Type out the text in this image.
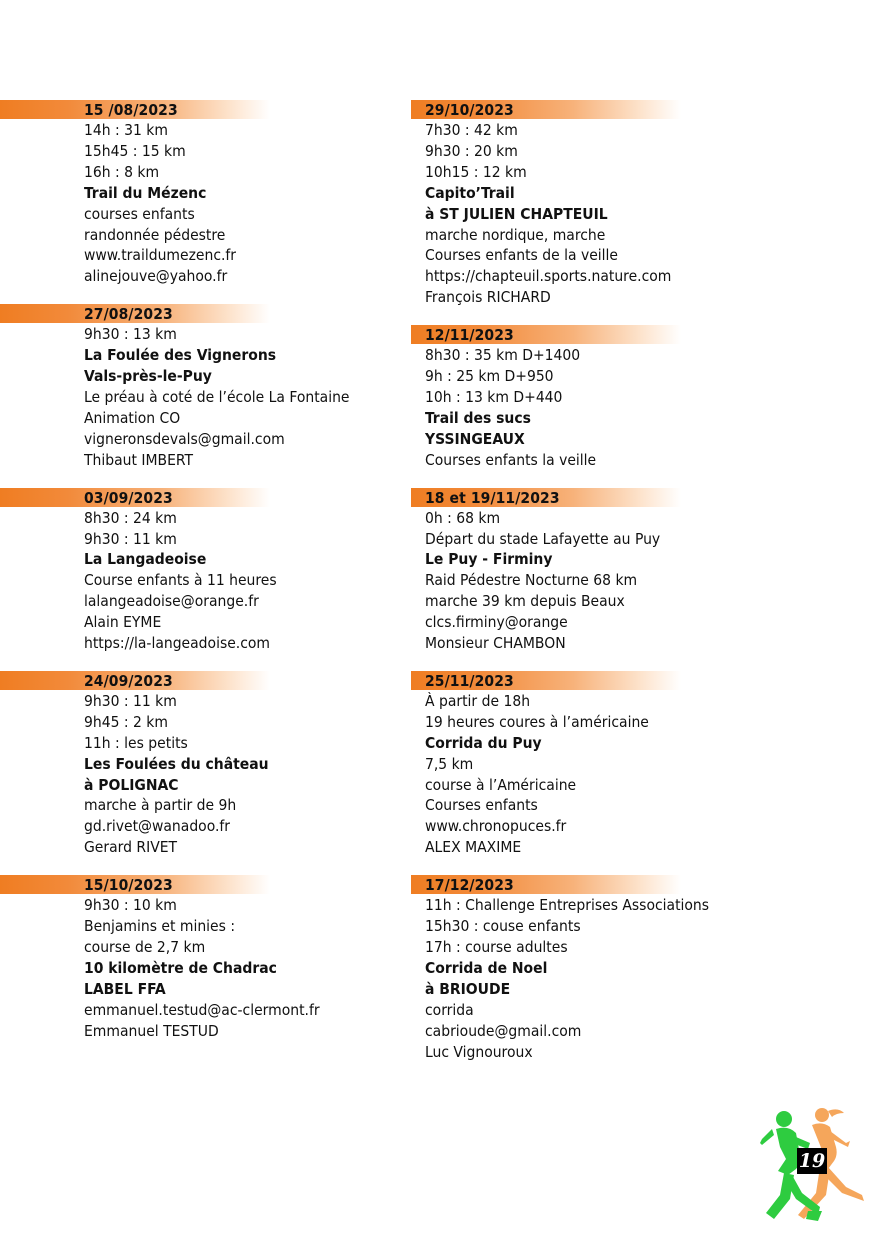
15 /08/2023
14h : 31 km
15h45 : 15 km
16h : 8 km
Trail du Mézenc
courses enfants
randonnée pédestre
www.traildumezenc.fr
alinejouve@yahoo.fr
27/08/2023
9h30 : 13 km
La Foulée des Vignerons
Vals-près-le-Puy
Le préau à coté de l’école La Fontaine
Animation CO
vigneronsdevals@gmail.com
Thibaut IMBERT
03/09/2023
8h30 : 24 km
9h30 : 11 km
La Langadeoise
Course enfants à 11 heures
lalangeadoise@orange.fr
Alain EYME
https://la-langeadoise.com
24/09/2023
9h30 : 11 km
9h45 : 2 km
11h : les petits
Les Foulées du château
à POLIGNAC
marche à partir de 9h
gd.rivet@wanadoo.fr
Gerard RIVET
15/10/2023
9h30 : 10 km
Benjamins et minies :
course de 2,7 km
10 kilomètre de Chadrac
LABEL FFA
emmanuel.testud@ac-clermont.fr
Emmanuel TESTUD
29/10/2023
7h30 : 42 km
9h30 : 20 km
10h15 : 12 km
Capito’Trail
à ST JULIEN CHAPTEUIL
marche nordique, marche
Courses enfants de la veille
https://chapteuil.sports.nature.com
François RICHARD
12/11/2023
8h30 : 35 km D+1400
9h : 25 km D+950
10h : 13 km D+440
Trail des sucs
YSSINGEAUX
Courses enfants la veille
18 et 19/11/2023
0h : 68 km
Départ du stade Lafayette au Puy
Le Puy - Firminy
Raid Pédestre Nocturne 68 km
marche 39 km depuis Beaux
clcs.firminy@orange
Monsieur CHAMBON
25/11/2023
À partir de 18h
19 heures coures à l’américaine
Corrida du Puy
7,5 km
course à l’Américaine
Courses enfants
www.chronopuces.fr
ALEX MAXIME
17/12/2023
11h : Challenge Entreprises Associations
15h30 : couse enfants
17h : course adultes
Corrida de Noel
à BRIOUDE
corrida
cabrioude@gmail.com
Luc Vignouroux
19
